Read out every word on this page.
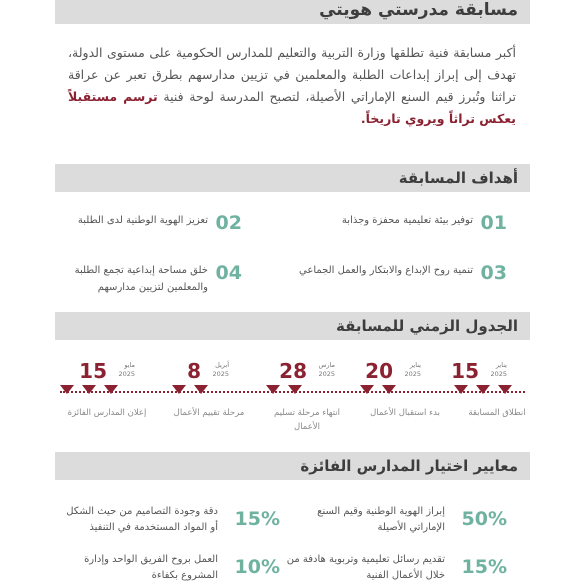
مسابقة مدرستي هويتي
أكبر مسابقة فنية تطلقها وزارة التربية والتعليم للمدارس الحكومية على مستوى الدولة، تهدف إلى إبراز إبداعات الطلبة والمعلمين في تزيين مدارسهم بطرق تعبر عن عراقة تراثنا وتُبرز قيم السنع الإماراتي الأصيلة، لتصبح المدرسة لوحة فنية ترسم مستقبلاً يعكس تراثاً ويروي تاريخاً.
أهداف المسابقة
01
توفير بيئة تعليمية محفزة وجذابة
02
تعزيز الهوية الوطنية لدى الطلبة
03
تنمية روح الإبداع والابتكار والعمل الجماعي
04
خلق مساحة إبداعية تجمع الطلبة والمعلمين لتزيين مدارسهم
الجدول الزمني للمسابقة
15	يناير
2025
20	يناير
2025
28	مارس
2025
8	أبريل
2025
15	مايو
2025
انطلاق المسابقة
بدء استقبال الأعمال
انتهاء مرحلة تسليم الأعمال
مرحلة تقييم الأعمال
إعلان المدارس الفائزة
معايير اختيار المدارس الفائزة
50%
إبراز الهوية الوطنية وقيم السنع الإماراتي الأصيلة
15%
دقة وجودة التصاميم من حيث الشكل أو المواد المستخدمة في التنفيذ
15%
تقديم رسائل تعليمية وتربوية هادفة من خلال الأعمال الفنية
10%
العمل بروح الفريق الواحد وإدارة المشروع بكفاءة
